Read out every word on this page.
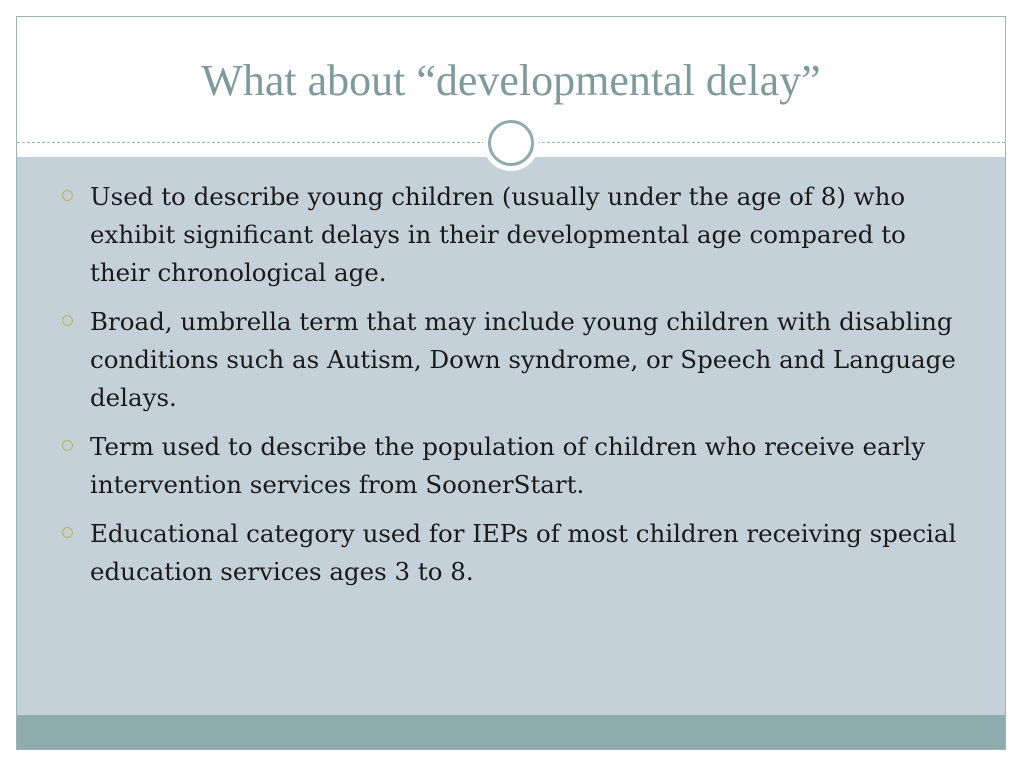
What about “developmental delay”
Used to describe young children (usually under the age of 8) who exhibit significant delays in their developmental age compared to their chronological age.
Broad, umbrella term that may include young children with disabling conditions such as Autism, Down syndrome, or Speech and Language delays.
Term used to describe the population of children who receive early intervention services from SoonerStart.
Educational category used for IEPs of most children receiving special education services ages 3 to 8.
